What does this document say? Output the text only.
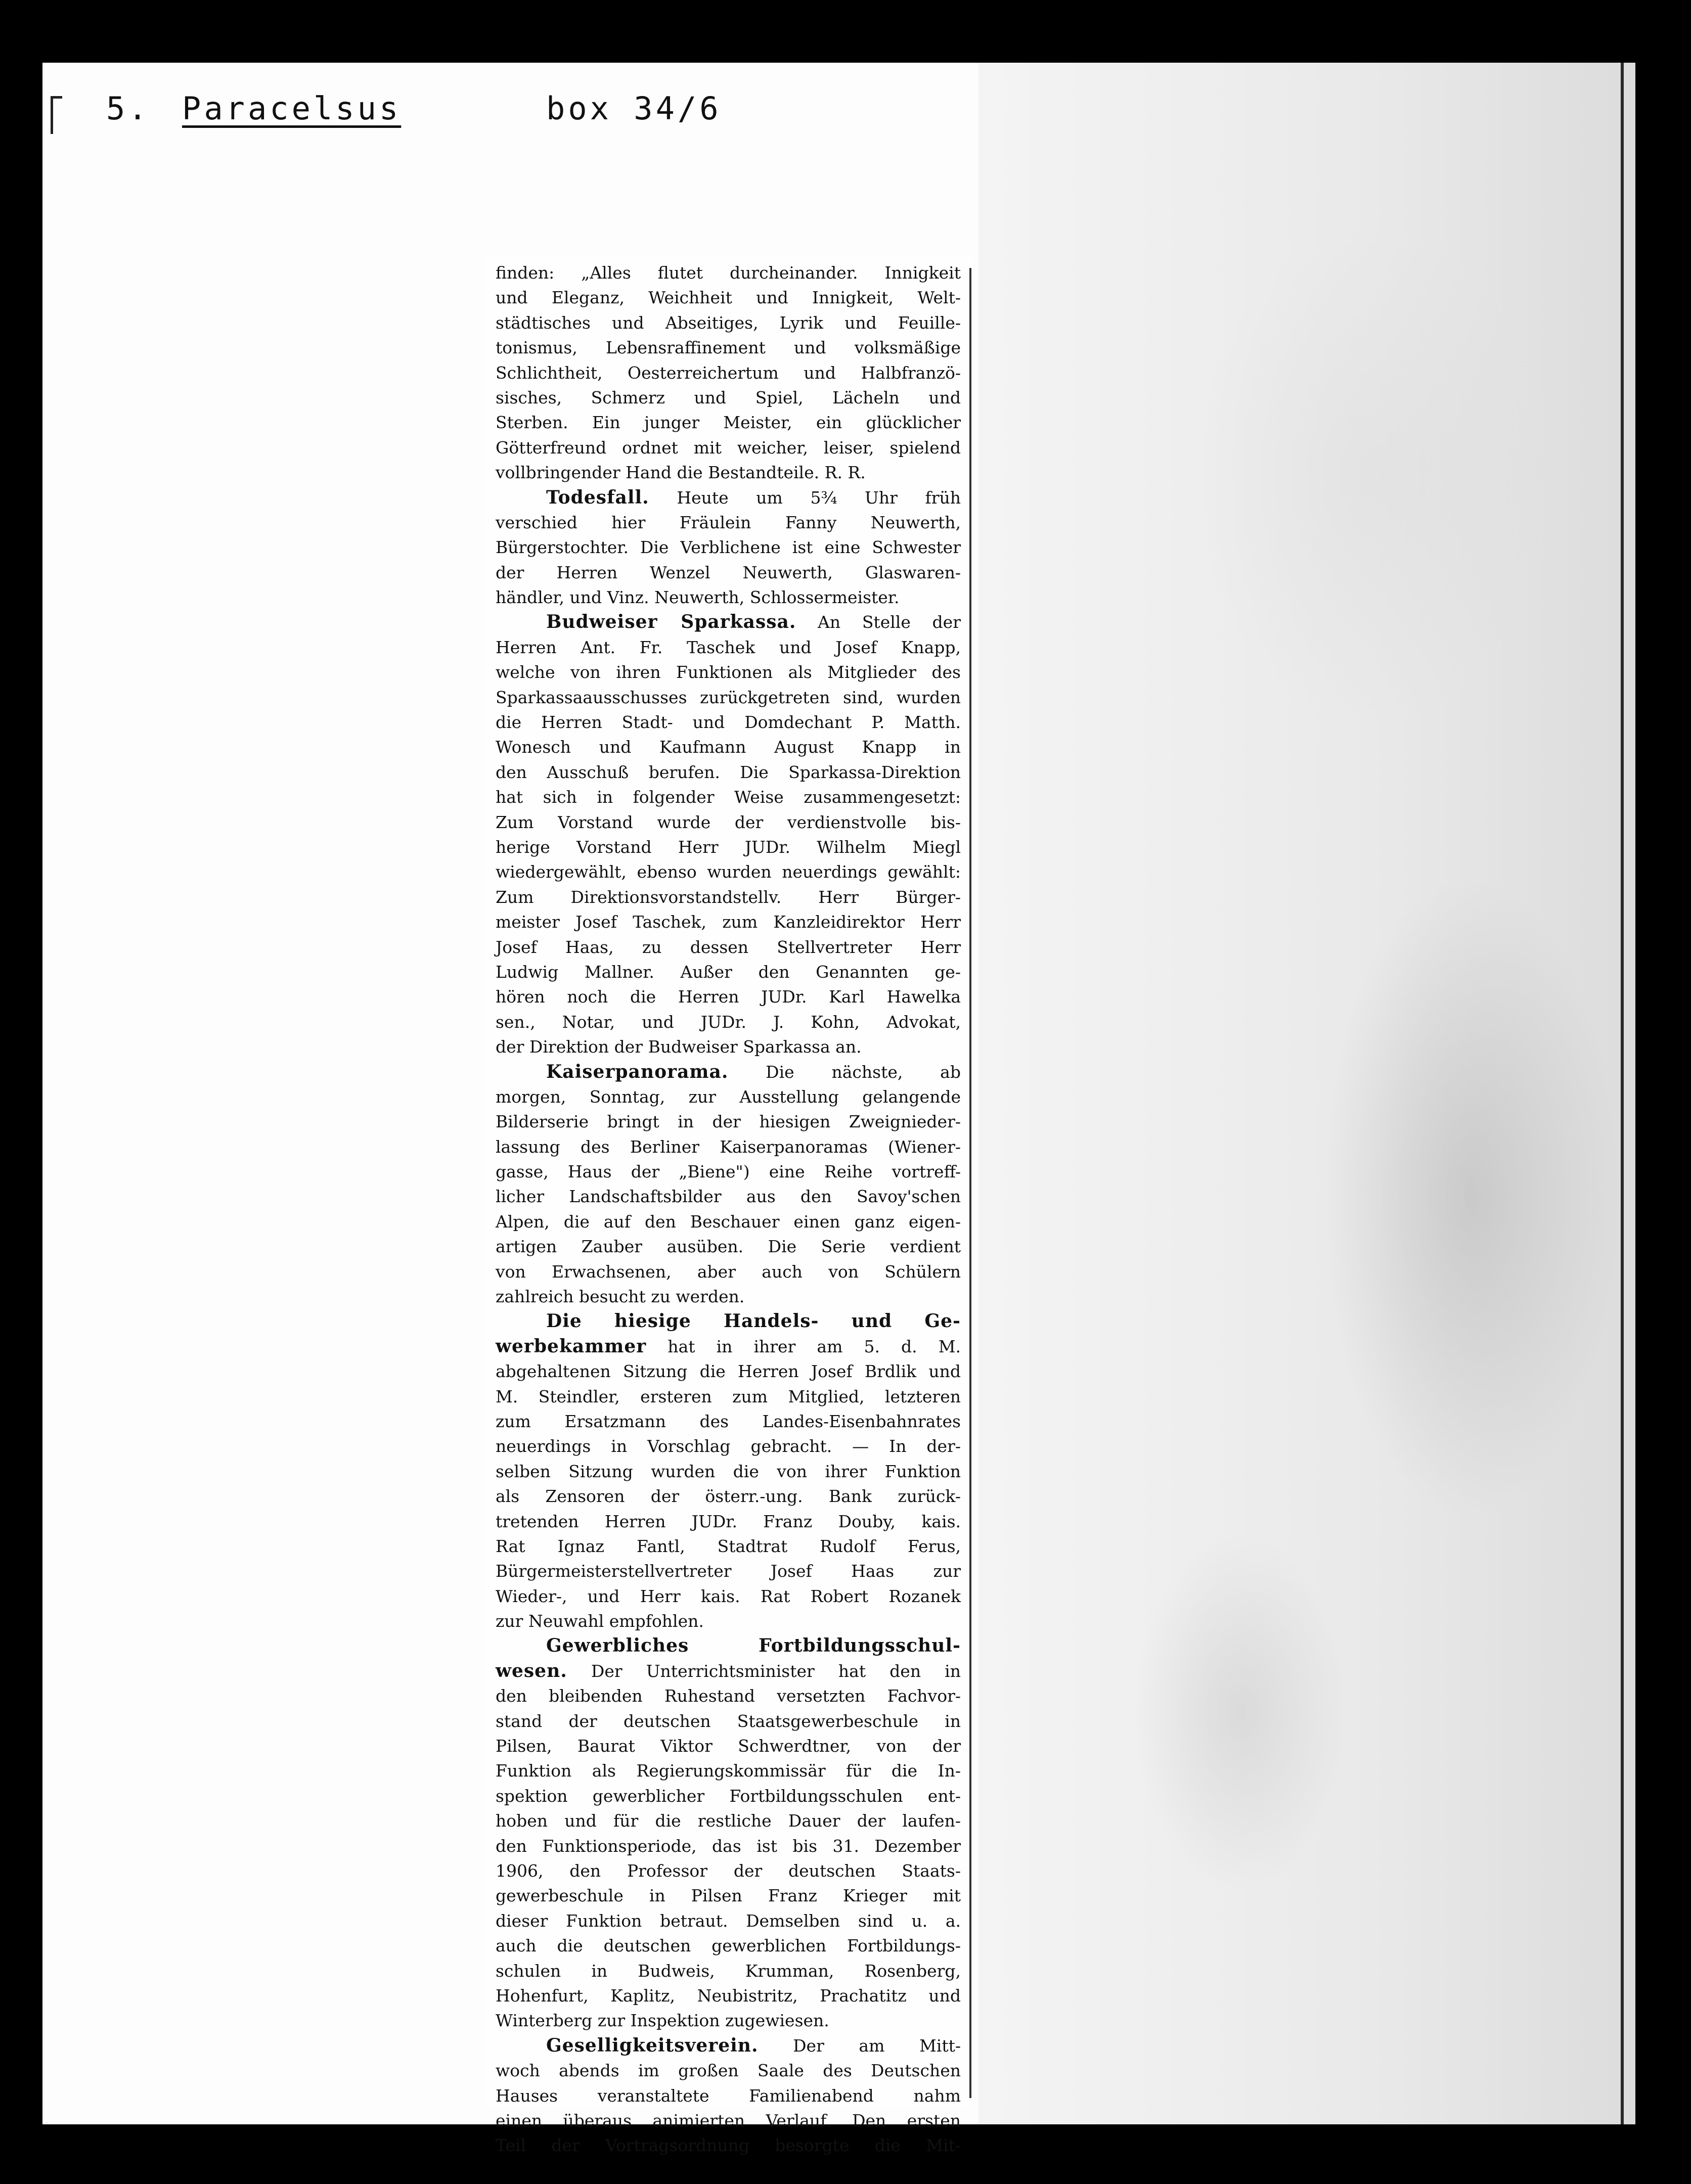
5. Paracelsus	box 34/6
finden: „Alles flutet durcheinander. Innigkeit
und Eleganz, Weichheit und Innigkeit, Welt-
städtisches und Abseitiges, Lyrik und Feuille-
tonismus, Lebensraffinement und volksmäßige
Schlichtheit, Oesterreichertum und Halbfranzö-
sisches, Schmerz und Spiel, Lächeln und
Sterben. Ein junger Meister, ein glücklicher
Götterfreund ordnet mit weicher, leiser, spielend
vollbringender Hand die Bestandteile. R. R.
Todesfall. Heute um 5¾ Uhr früh
verschied hier Fräulein Fanny Neuwerth,
Bürgerstochter. Die Verblichene ist eine Schwester
der Herren Wenzel Neuwerth, Glaswaren-
händler, und Vinz. Neuwerth, Schlossermeister.
Budweiser Sparkassa. An Stelle der
Herren Ant. Fr. Taschek und Josef Knapp,
welche von ihren Funktionen als Mitglieder des
Sparkassaausschusses zurückgetreten sind, wurden
die Herren Stadt- und Domdechant P. Matth.
Wonesch und Kaufmann August Knapp in
den Ausschuß berufen. Die Sparkassa-Direktion
hat sich in folgender Weise zusammengesetzt:
Zum Vorstand wurde der verdienstvolle bis-
herige Vorstand Herr JUDr. Wilhelm Miegl
wiedergewählt, ebenso wurden neuerdings gewählt:
Zum Direktionsvorstandstellv. Herr Bürger-
meister Josef Taschek, zum Kanzleidirektor Herr
Josef Haas, zu dessen Stellvertreter Herr
Ludwig Mallner. Außer den Genannten ge-
hören noch die Herren JUDr. Karl Hawelka
sen., Notar, und JUDr. J. Kohn, Advokat,
der Direktion der Budweiser Sparkassa an.
Kaiserpanorama. Die nächste, ab
morgen, Sonntag, zur Ausstellung gelangende
Bilderserie bringt in der hiesigen Zweignieder-
lassung des Berliner Kaiserpanoramas (Wiener-
gasse, Haus der „Biene") eine Reihe vortreff-
licher Landschaftsbilder aus den Savoy'schen
Alpen, die auf den Beschauer einen ganz eigen-
artigen Zauber ausüben. Die Serie verdient
von Erwachsenen, aber auch von Schülern
zahlreich besucht zu werden.
Die hiesige Handels- und Ge-
werbekammer hat in ihrer am 5. d. M.
abgehaltenen Sitzung die Herren Josef Brdlik und
M. Steindler, ersteren zum Mitglied, letzteren
zum Ersatzmann des Landes-Eisenbahnrates
neuerdings in Vorschlag gebracht. — In der-
selben Sitzung wurden die von ihrer Funktion
als Zensoren der österr.-ung. Bank zurück-
tretenden Herren JUDr. Franz Douby, kais.
Rat Ignaz Fantl, Stadtrat Rudolf Ferus,
Bürgermeisterstellvertreter Josef Haas zur
Wieder-, und Herr kais. Rat Robert Rozanek
zur Neuwahl empfohlen.
Gewerbliches Fortbildungsschul-
wesen. Der Unterrichtsminister hat den in
den bleibenden Ruhestand versetzten Fachvor-
stand der deutschen Staatsgewerbeschule in
Pilsen, Baurat Viktor Schwerdtner, von der
Funktion als Regierungskommissär für die In-
spektion gewerblicher Fortbildungsschulen ent-
hoben und für die restliche Dauer der laufen-
den Funktionsperiode, das ist bis 31. Dezember
1906, den Professor der deutschen Staats-
gewerbeschule in Pilsen Franz Krieger mit
dieser Funktion betraut. Demselben sind u. a.
auch die deutschen gewerblichen Fortbildungs-
schulen in Budweis, Krumman, Rosenberg,
Hohenfurt, Kaplitz, Neubistritz, Prachatitz und
Winterberg zur Inspektion zugewiesen.
Geselligkeitsverein. Der am Mitt-
woch abends im großen Saale des Deutschen
Hauses veranstaltete Familienabend nahm
einen überaus animierten Verlauf. Den ersten
Teil der Vortragsordnung besorgte die Mit-
